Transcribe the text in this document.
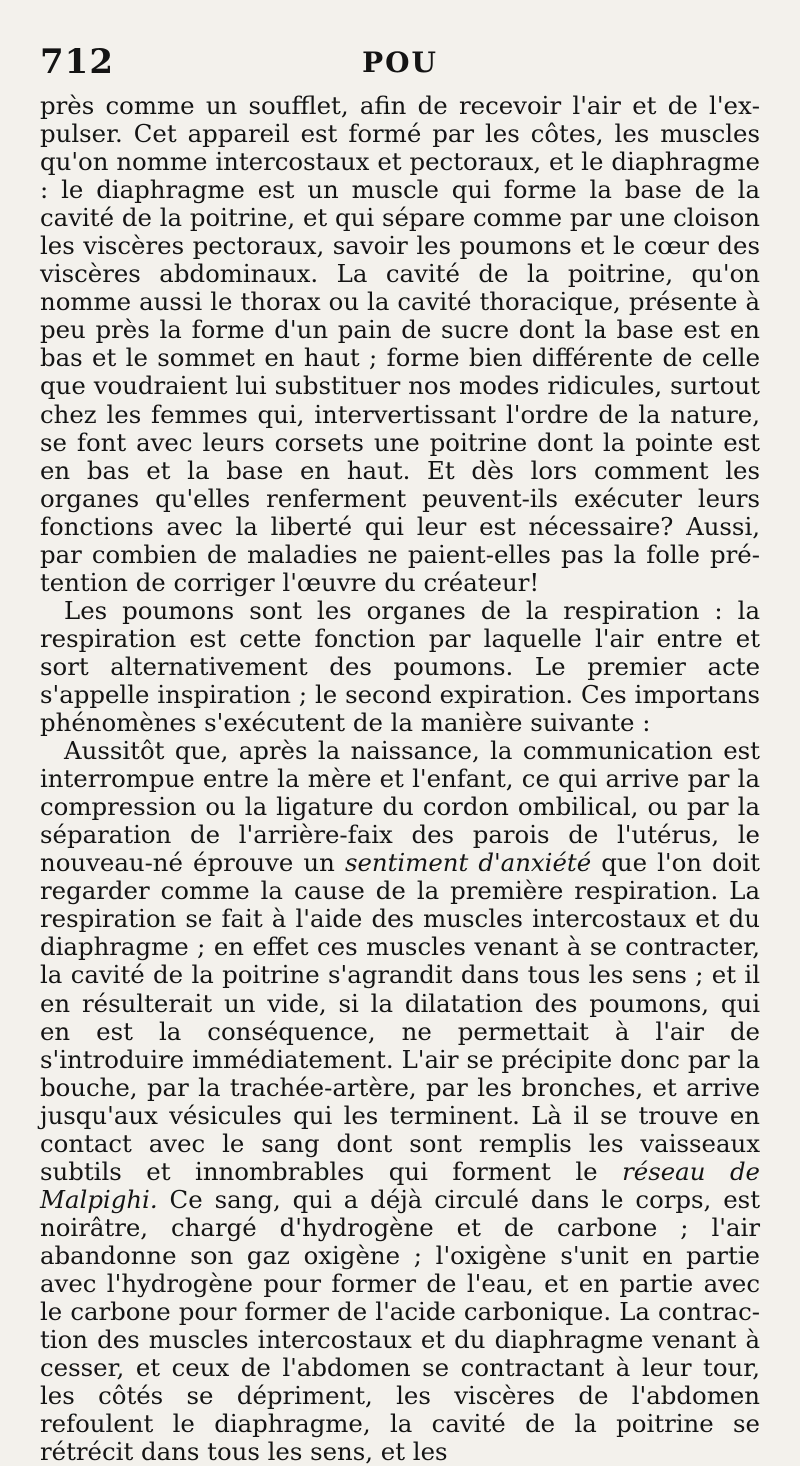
712	POU

près comme un soufflet, afin de recevoir l'air et de l'expulser. Cet appareil est formé par les côtes, les muscles qu'on nomme intercostaux et pectoraux, et le diaphragme : le diaphragme est un muscle qui forme la base de la cavité de la poitrine, et qui sépare comme par une cloison les viscères pectoraux, savoir les poumons et le cœur des viscères abdominaux. La cavité de la poitrine, qu'on nomme aussi le thorax ou la cavité thoracique, présente à peu près la forme d'un pain de sucre dont la base est en bas et le sommet en haut ; forme bien différente de celle que voudraient lui substituer nos modes ridicules, surtout chez les femmes qui, intervertissant l'ordre de la nature, se font avec leurs corsets une poitrine dont la pointe est en bas et la base en haut. Et dès lors comment les organes qu'elles renferment peuvent-ils exécuter leurs fonctions avec la liberté qui leur est nécessaire? Aussi, par combien de maladies ne paient-elles pas la folle prétention de corriger l'œuvre du créateur!

Les poumons sont les organes de la respiration : la respiration est cette fonction par laquelle l'air entre et sort alternativement des poumons. Le premier acte s'appelle inspiration ; le second expiration. Ces importans phénomènes s'exécutent de la manière suivante :

Aussitôt que, après la naissance, la communication est interrompue entre la mère et l'enfant, ce qui arrive par la compression ou la ligature du cordon ombilical, ou par la séparation de l'arrière-faix des parois de l'utérus, le nouveau-né éprouve un sentiment d'anxiété que l'on doit regarder comme la cause de la première respiration. La respiration se fait à l'aide des muscles intercostaux et du diaphragme ; en effet ces muscles venant à se contracter, la cavité de la poitrine s'agrandit dans tous les sens ; et il en résulterait un vide, si la dilatation des poumons, qui en est la conséquence, ne permettait à l'air de s'introduire immédiatement. L'air se précipite donc par la bouche, par la trachée-artère, par les bronches, et arrive jusqu'aux vésicules qui les terminent. Là il se trouve en contact avec le sang dont sont remplis les vaisseaux subtils et innombrables qui forment le réseau de Malpighi. Ce sang, qui a déjà circulé dans le corps, est noirâtre, chargé d'hydrogène et de carbone ; l'air abandonne son gaz oxigène ; l'oxigène s'unit en partie avec l'hydrogène pour former de l'eau, et en partie avec le carbone pour former de l'acide carbonique. La contraction des muscles intercostaux et du diaphragme venant à cesser, et ceux de l'abdomen se contractant à leur tour, les côtés se dépriment, les viscères de l'abdomen refoulent le diaphragme, la cavité de la poitrine se rétrécit dans tous les sens, et les
